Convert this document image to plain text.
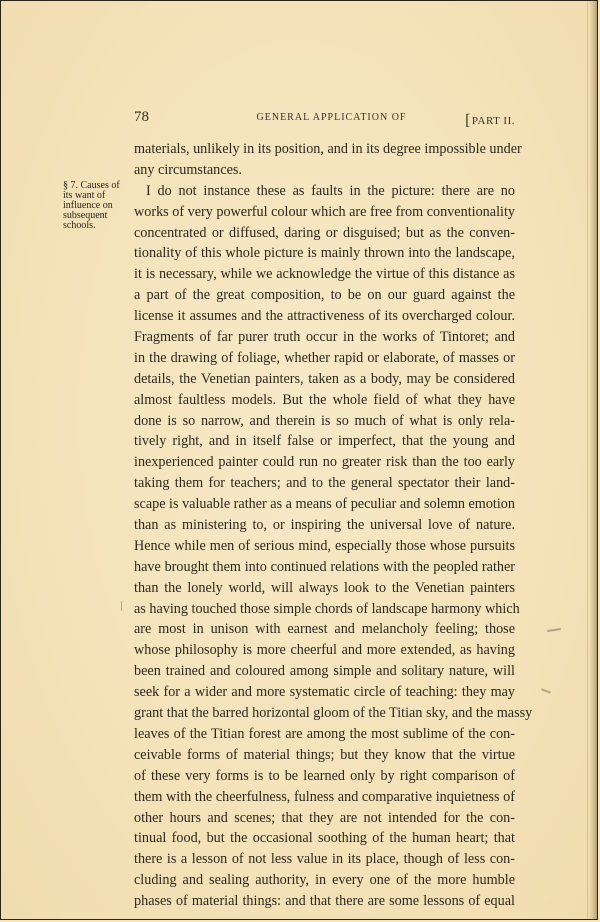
78	GENERAL APPLICATION OF	[PART II.
§ 7. Causes of
its want of
influence on
subsequent
schools.
materials, unlikely in its position, and in its degree impossible under
any circumstances.
I do not instance these as faults in the picture: there are no
works of very powerful colour which are free from conventionality
concentrated or diffused, daring or disguised; but as the conven-
tionality of this whole picture is mainly thrown into the landscape,
it is necessary, while we acknowledge the virtue of this distance as
a part of the great composition, to be on our guard against the
license it assumes and the attractiveness of its overcharged colour.
Fragments of far purer truth occur in the works of Tintoret; and
in the drawing of foliage, whether rapid or elaborate, of masses or
details, the Venetian painters, taken as a body, may be considered
almost faultless models. But the whole field of what they have
done is so narrow, and therein is so much of what is only rela-
tively right, and in itself false or imperfect, that the young and
inexperienced painter could run no greater risk than the too early
taking them for teachers; and to the general spectator their land-
scape is valuable rather as a means of peculiar and solemn emotion
than as ministering to, or inspiring the universal love of nature.
Hence while men of serious mind, especially those whose pursuits
have brought them into continued relations with the peopled rather
than the lonely world, will always look to the Venetian painters
as having touched those simple chords of landscape harmony which
are most in unison with earnest and melancholy feeling; those
whose philosophy is more cheerful and more extended, as having
been trained and coloured among simple and solitary nature, will
seek for a wider and more systematic circle of teaching: they may
grant that the barred horizontal gloom of the Titian sky, and the massy
leaves of the Titian forest are among the most sublime of the con-
ceivable forms of material things; but they know that the virtue
of these very forms is to be learned only by right comparison of
them with the cheerfulness, fulness and comparative inquietness of
other hours and scenes; that they are not intended for the con-
tinual food, but the occasional soothing of the human heart; that
there is a lesson of not less value in its place, though of less con-
cluding and sealing authority, in every one of the more humble
phases of material things: and that there are some lessons of equal
